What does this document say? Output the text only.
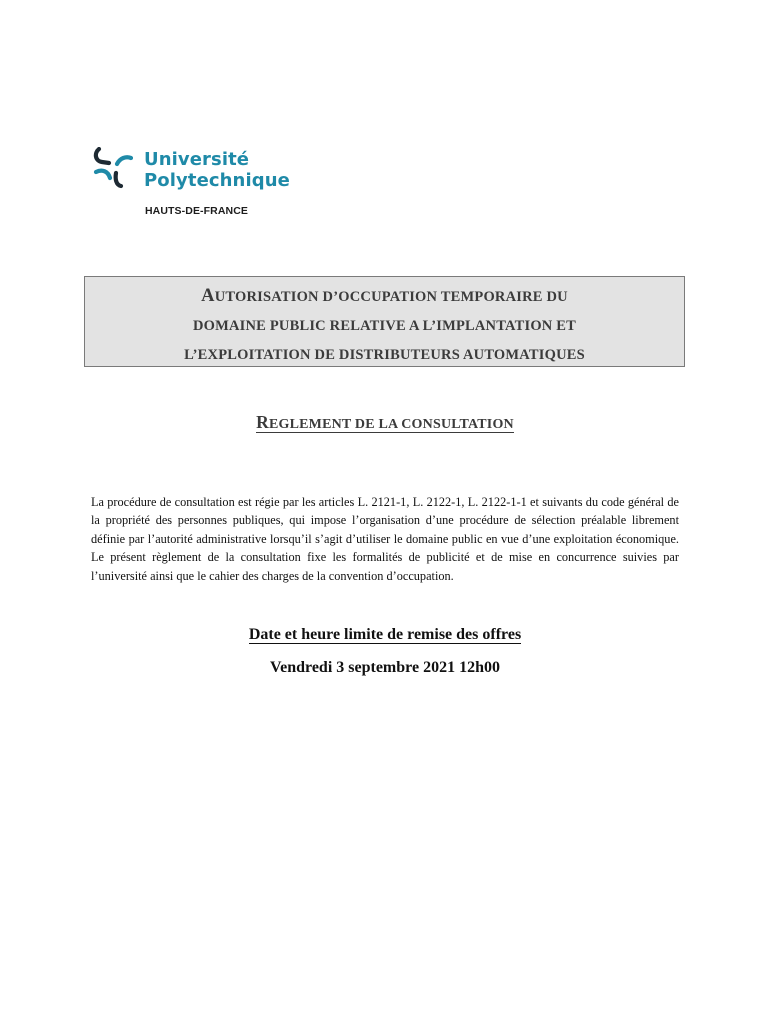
Université
Polytechnique
HAUTS-DE-FRANCE
AUTORISATION D’OCCUPATION TEMPORAIRE DU
DOMAINE PUBLIC RELATIVE A L’IMPLANTATION ET
L’EXPLOITATION DE DISTRIBUTEURS AUTOMATIQUES
REGLEMENT DE LA CONSULTATION
La procédure de consultation est régie par les articles L. 2121-1, L. 2122-1, L. 2122-1-1 et suivants du code général de la propriété des personnes publiques, qui impose l’organisation d’une procédure de sélection préalable librement définie par l’autorité administrative lorsqu’il s’agit d’utiliser le domaine public en vue d’une exploitation économique. Le présent règlement de la consultation fixe les formalités de publicité et de mise en concurrence suivies par l’université ainsi que le cahier des charges de la convention d’occupation.
Date et heure limite de remise des offres
Vendredi 3 septembre 2021 12h00
